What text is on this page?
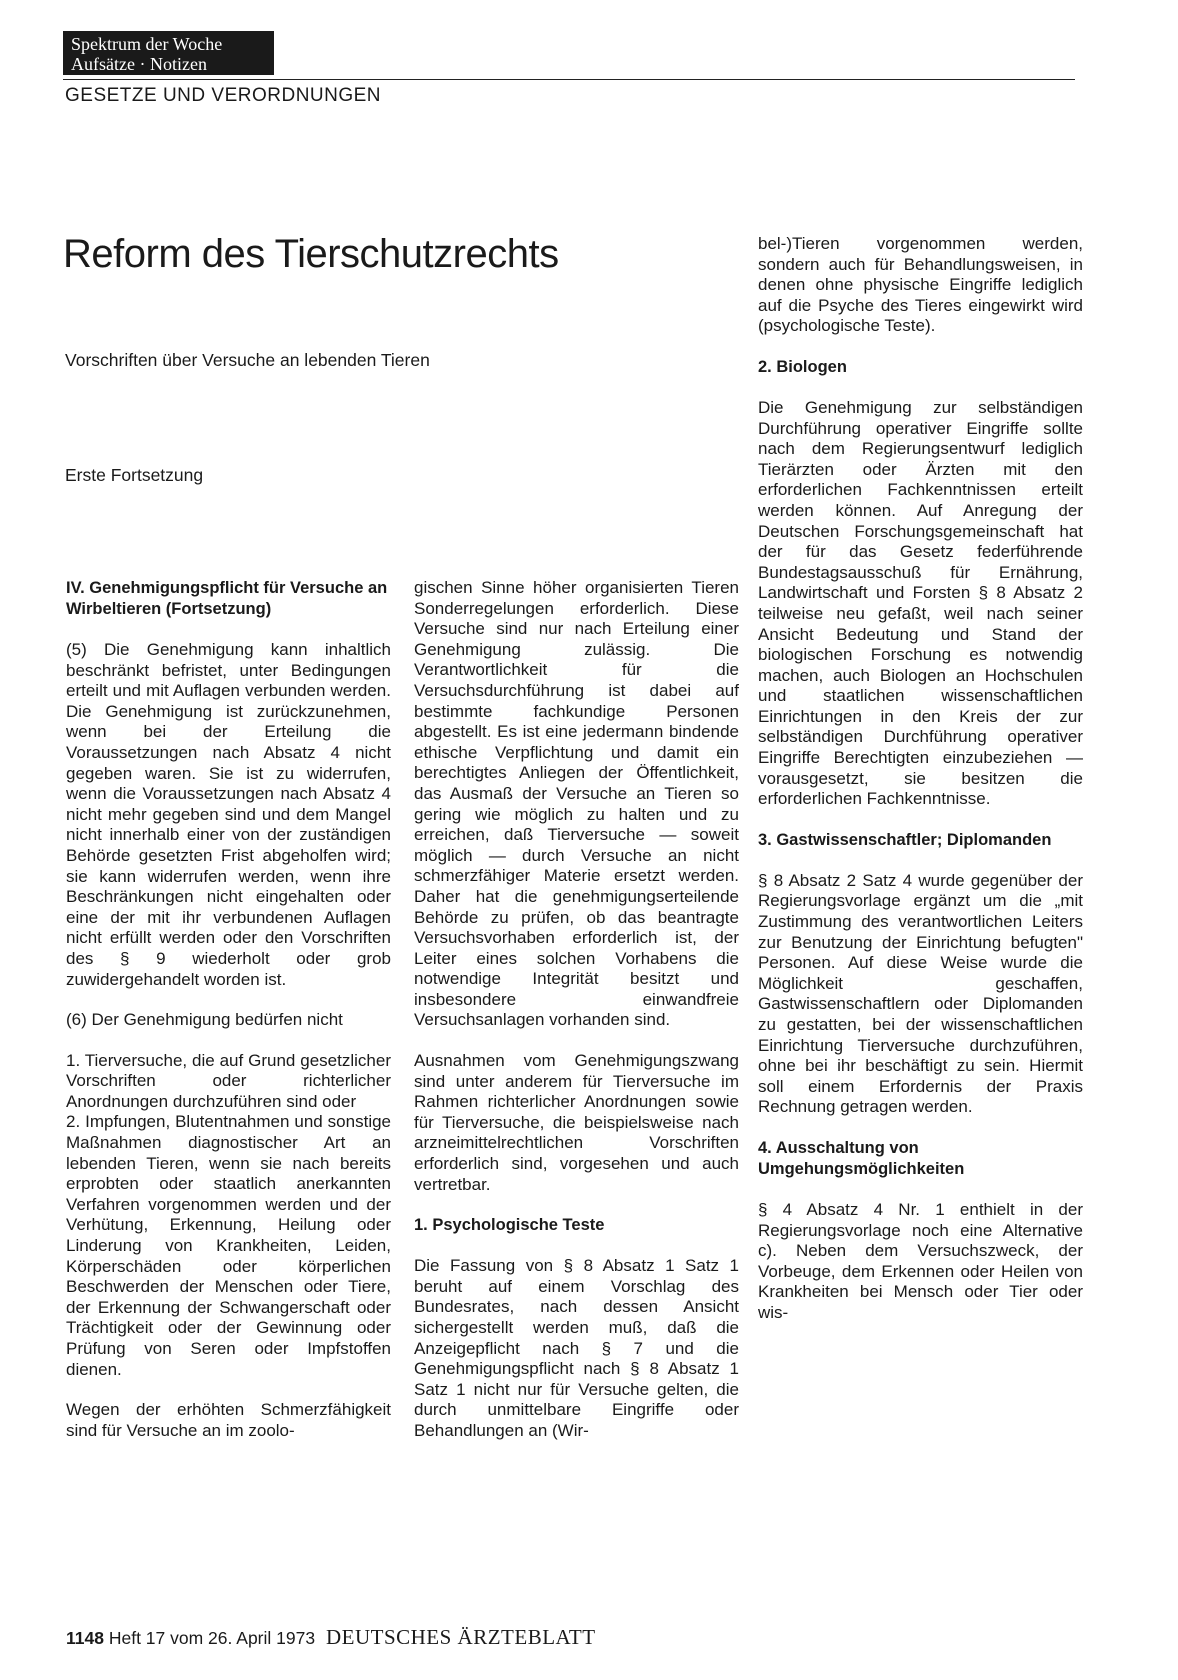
Spektrum der Woche
Aufsätze · Notizen
GESETZE UND VERORDNUNGEN
Reform des Tierschutzrechts
Vorschriften über Versuche an lebenden Tieren
Erste Fortsetzung
IV. Genehmigungspflicht für Versuche an Wirbeltieren (Fortsetzung)

(5) Die Genehmigung kann inhaltlich beschränkt befristet, unter Bedingungen erteilt und mit Auflagen verbunden werden. Die Genehmigung ist zurückzunehmen, wenn bei der Erteilung die Voraussetzungen nach Absatz 4 nicht gegeben waren. Sie ist zu widerrufen, wenn die Voraussetzungen nach Absatz 4 nicht mehr gegeben sind und dem Mangel nicht innerhalb einer von der zuständigen Behörde gesetzten Frist abgeholfen wird; sie kann widerrufen werden, wenn ihre Beschränkungen nicht eingehalten oder eine der mit ihr verbundenen Auflagen nicht erfüllt werden oder den Vorschriften des § 9 wiederholt oder grob zuwidergehandelt worden ist.

(6) Der Genehmigung bedürfen nicht

1. Tierversuche, die auf Grund gesetzlicher Vorschriften oder richterlicher Anordnungen durchzuführen sind oder

2. Impfungen, Blutentnahmen und sonstige Maßnahmen diagnostischer Art an lebenden Tieren, wenn sie nach bereits erprobten oder staatlich anerkannten Verfahren vorgenommen werden und der Verhütung, Erkennung, Heilung oder Linderung von Krankheiten, Leiden, Körperschäden oder körperlichen Beschwerden der Menschen oder Tiere, der Erkennung der Schwangerschaft oder Trächtigkeit oder der Gewinnung oder Prüfung von Seren oder Impfstoffen dienen.

Wegen der erhöhten Schmerzfähigkeit sind für Versuche an im zoolo-

gischen Sinne höher organisierten Tieren Sonderregelungen erforderlich. Diese Versuche sind nur nach Erteilung einer Genehmigung zulässig. Die Verantwortlichkeit für die Versuchsdurchführung ist dabei auf bestimmte fachkundige Personen abgestellt. Es ist eine jedermann bindende ethische Verpflichtung und damit ein berechtigtes Anliegen der Öffentlichkeit, das Ausmaß der Versuche an Tieren so gering wie möglich zu halten und zu erreichen, daß Tierversuche — soweit möglich — durch Versuche an nicht schmerzfähiger Materie ersetzt werden. Daher hat die genehmigungserteilende Behörde zu prüfen, ob das beantragte Versuchsvorhaben erforderlich ist, der Leiter eines solchen Vorhabens die notwendige Integrität besitzt und insbesondere einwandfreie Versuchsanlagen vorhanden sind.

Ausnahmen vom Genehmigungszwang sind unter anderem für Tierversuche im Rahmen richterlicher Anordnungen sowie für Tierversuche, die beispielsweise nach arzneimittelrechtlichen Vorschriften erforderlich sind, vorgesehen und auch vertretbar.

1. Psychologische Teste

Die Fassung von § 8 Absatz 1 Satz 1 beruht auf einem Vorschlag des Bundesrates, nach dessen Ansicht sichergestellt werden muß, daß die Anzeigepflicht nach § 7 und die Genehmigungspflicht nach § 8 Absatz 1 Satz 1 nicht nur für Versuche gelten, die durch unmittelbare Eingriffe oder Behandlungen an (Wir-

bel-)Tieren vorgenommen werden, sondern auch für Behandlungsweisen, in denen ohne physische Eingriffe lediglich auf die Psyche des Tieres eingewirkt wird (psychologische Teste).

2. Biologen

Die Genehmigung zur selbständigen Durchführung operativer Eingriffe sollte nach dem Regierungsentwurf lediglich Tierärzten oder Ärzten mit den erforderlichen Fachkenntnissen erteilt werden können. Auf Anregung der Deutschen Forschungsgemeinschaft hat der für das Gesetz federführende Bundestagsausschuß für Ernährung, Landwirtschaft und Forsten § 8 Absatz 2 teilweise neu gefaßt, weil nach seiner Ansicht Bedeutung und Stand der biologischen Forschung es notwendig machen, auch Biologen an Hochschulen und staatlichen wissenschaftlichen Einrichtungen in den Kreis der zur selbständigen Durchführung operativer Eingriffe Berechtigten einzubeziehen — vorausgesetzt, sie besitzen die erforderlichen Fachkenntnisse.

3. Gastwissenschaftler; Diplomanden

§ 8 Absatz 2 Satz 4 wurde gegenüber der Regierungsvorlage ergänzt um die „mit Zustimmung des verantwortlichen Leiters zur Benutzung der Einrichtung befugten" Personen. Auf diese Weise wurde die Möglichkeit geschaffen, Gastwissenschaftlern oder Diplomanden zu gestatten, bei der wissenschaftlichen Einrichtung Tierversuche durchzuführen, ohne bei ihr beschäftigt zu sein. Hiermit soll einem Erfordernis der Praxis Rechnung getragen werden.

4. Ausschaltung von Umgehungsmöglichkeiten

§ 4 Absatz 4 Nr. 1 enthielt in der Regierungsvorlage noch eine Alternative c). Neben dem Versuchszweck, der Vorbeuge, dem Erkennen oder Heilen von Krankheiten bei Mensch oder Tier oder wis-

1148 Heft 17 vom 26. April 1973 DEUTSCHES ÄRZTEBLATT
